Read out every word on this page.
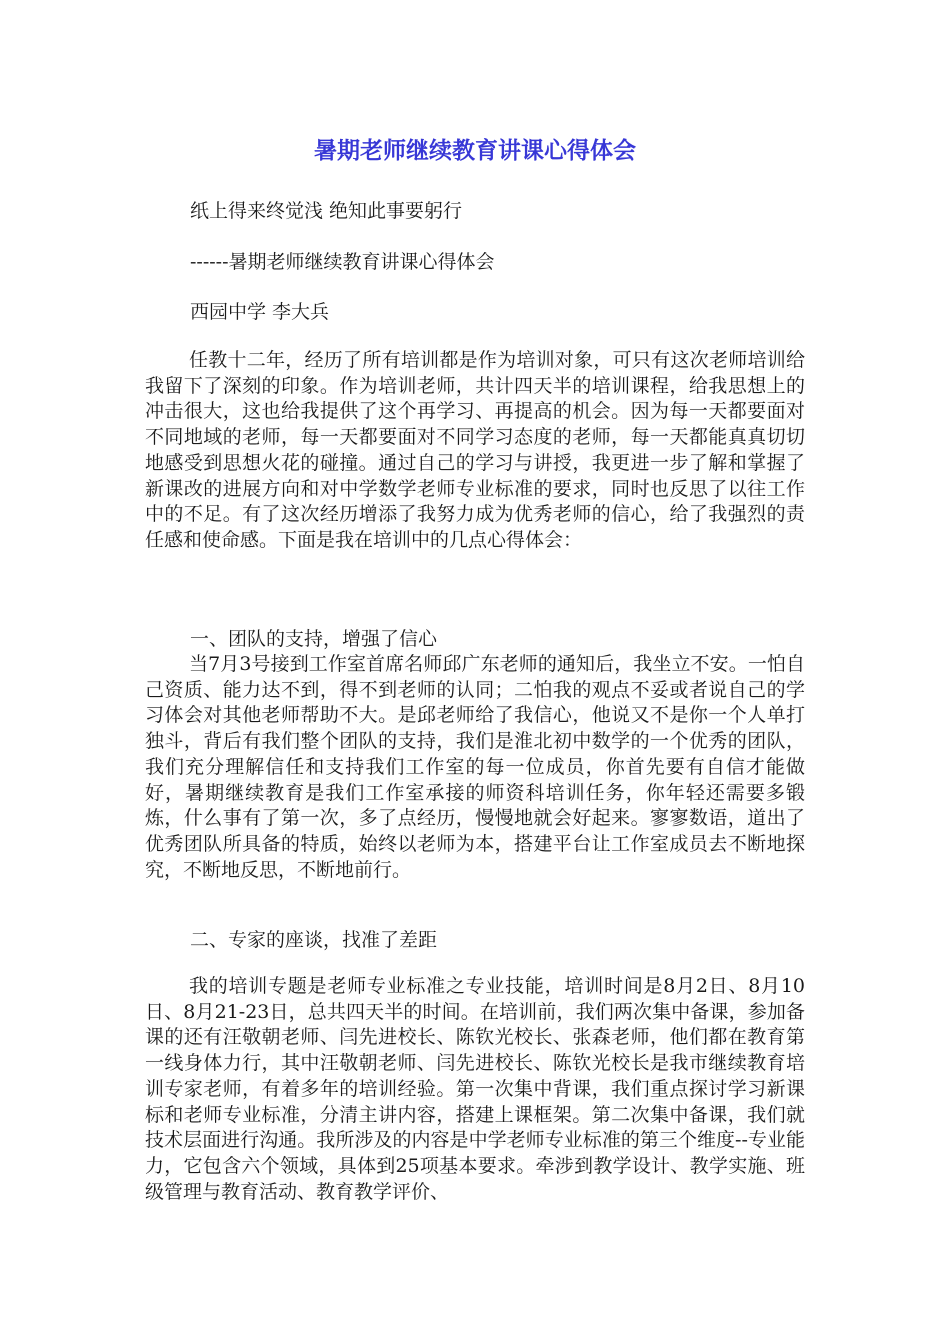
暑期老师继续教育讲课心得体会

纸上得来终觉浅 绝知此事要躬行

------暑期老师继续教育讲课心得体会

西园中学 李大兵

任教十二年，经历了所有培训都是作为培训对象，可只有这次老师培训给我留下了深刻的印象。作为培训老师，共计四天半的培训课程，给我思想上的冲击很大，这也给我提供了这个再学习、再提高的机会。因为每一天都要面对不同地域的老师，每一天都要面对不同学习态度的老师，每一天都能真真切切地感受到思想火花的碰撞。通过自己的学习与讲授，我更进一步了解和掌握了新课改的进展方向和对中学数学老师专业标准的要求，同时也反思了以往工作中的不足。有了这次经历增添了我努力成为优秀老师的信心，给了我强烈的责任感和使命感。下面是我在培训中的几点心得体会：

一、团队的支持，增强了信心

当7月3号接到工作室首席名师邱广东老师的通知后，我坐立不安。一怕自己资质、能力达不到，得不到老师的认同；二怕我的观点不妥或者说自己的学习体会对其他老师帮助不大。是邱老师给了我信心，他说又不是你一个人单打独斗，背后有我们整个团队的支持，我们是淮北初中数学的一个优秀的团队，我们充分理解信任和支持我们工作室的每一位成员，你首先要有自信才能做好，暑期继续教育是我们工作室承接的师资科培训任务，你年轻还需要多锻炼，什么事有了第一次，多了点经历，慢慢地就会好起来。寥寥数语，道出了优秀团队所具备的特质，始终以老师为本，搭建平台让工作室成员去不断地探究，不断地反思，不断地前行。

二、专家的座谈，找准了差距

我的培训专题是老师专业标准之专业技能，培训时间是8月2日、8月10日、8月21-23日，总共四天半的时间。在培训前，我们两次集中备课，参加备课的还有汪敬朝老师、闫先进校长、陈钦光校长、张森老师，他们都在教育第一线身体力行，其中汪敬朝老师、闫先进校长、陈钦光校长是我市继续教育培训专家老师，有着多年的培训经验。第一次集中背课，我们重点探讨学习新课标和老师专业标准，分清主讲内容，搭建上课框架。第二次集中备课，我们就技术层面进行沟通。我所涉及的内容是中学老师专业标准的第三个维度--专业能力，它包含六个领域，具体到25项基本要求。牵涉到教学设计、教学实施、班级管理与教育活动、教育教学评价、
